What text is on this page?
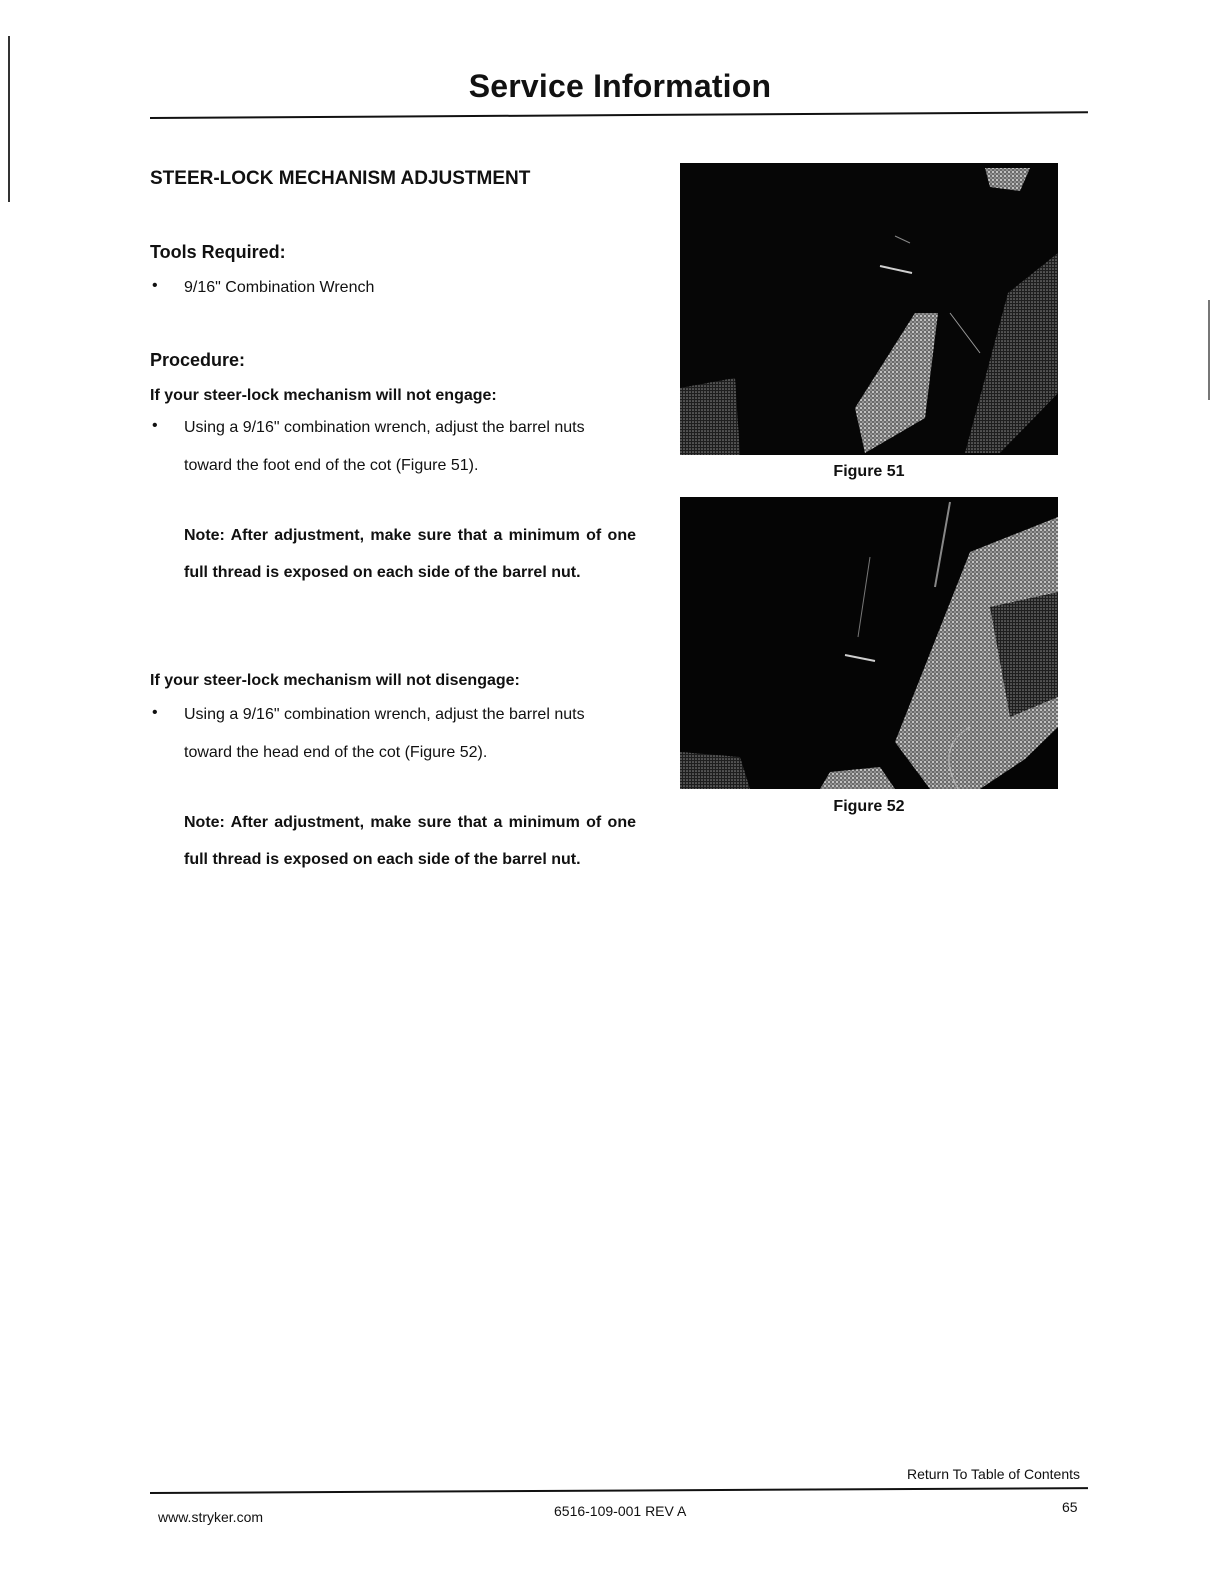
Service Information
STEER-LOCK MECHANISM ADJUSTMENT
Tools Required:
• 9/16" Combination Wrench
Procedure:
If your steer-lock mechanism will not engage:
• Using a 9/16" combination wrench, adjust the barrel nuts
toward the foot end of the cot (Figure 51).
Note: After adjustment, make sure that a minimum of one full thread is exposed on each side of the barrel nut.
If your steer-lock mechanism will not disengage:
• Using a 9/16" combination wrench, adjust the barrel nuts
toward the head end of the cot (Figure 52).
Note: After adjustment, make sure that a minimum of one full thread is exposed on each side of the barrel nut.
Figure 51
Figure 52
Return To Table of Contents
www.stryker.com	6516-109-001 REV A	65
